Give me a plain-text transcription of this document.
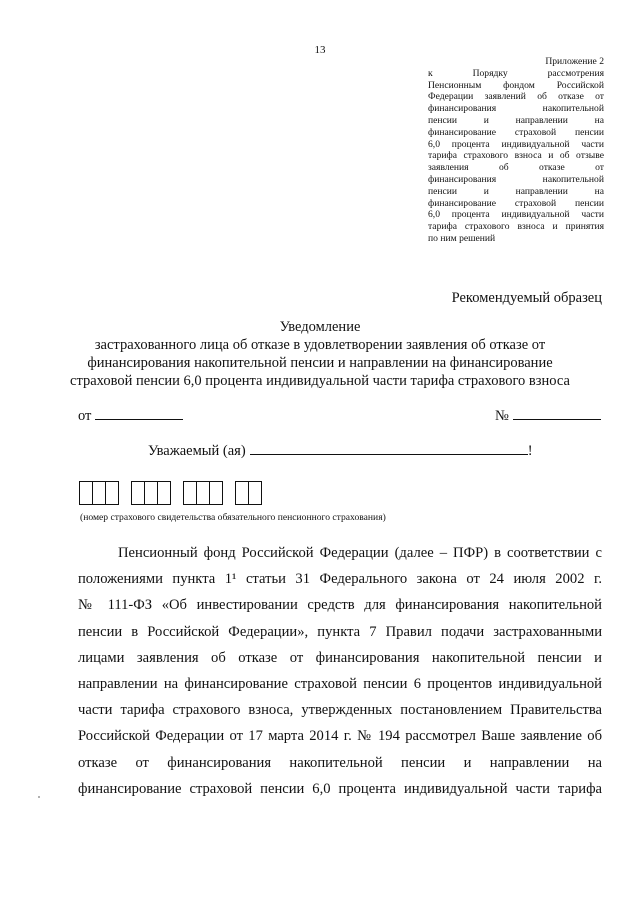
13
Приложение 2
к Порядку рассмотрения
Пенсионным фондом Российской
Федерации заявлений об отказе от
финансирования накопительной
пенсии и направлении на
финансирование страховой пенсии
6,0 процента индивидуальной части
тарифа страхового взноса и об отзыве
заявления об отказе от
финансирования накопительной
пенсии и направлении на
финансирование страховой пенсии
6,0 процента индивидуальной части
тарифа страхового взноса и принятия
по ним решений
Рекомендуемый образец
Уведомление
застрахованного лица об отказе в удовлетворении заявления об отказе от
финансирования накопительной пенсии и направлении на финансирование
страховой пенсии 6,0 процента индивидуальной части тарифа страхового взноса
от	№
Уважаемый (ая)	!
(номер страхового свидетельства обязательного пенсионного страхования)
Пенсионный фонд Российской Федерации (далее – ПФР) в соответствии с
положениями пункта 1¹ статьи 31 Федерального закона от 24 июля 2002 г.
№ 111-ФЗ «Об инвестировании средств для финансирования накопительной
пенсии в Российской Федерации», пункта 7 Правил подачи застрахованными
лицами заявления об отказе от финансирования накопительной пенсии и
направлении на финансирование страховой пенсии 6 процентов индивидуальной
части тарифа страхового взноса, утвержденных постановлением Правительства
Российской Федерации от 17 марта 2014 г. № 194 рассмотрел Ваше заявление об
отказе от финансирования накопительной пенсии и направлении на
финансирование страховой пенсии 6,0 процента индивидуальной части тарифа
